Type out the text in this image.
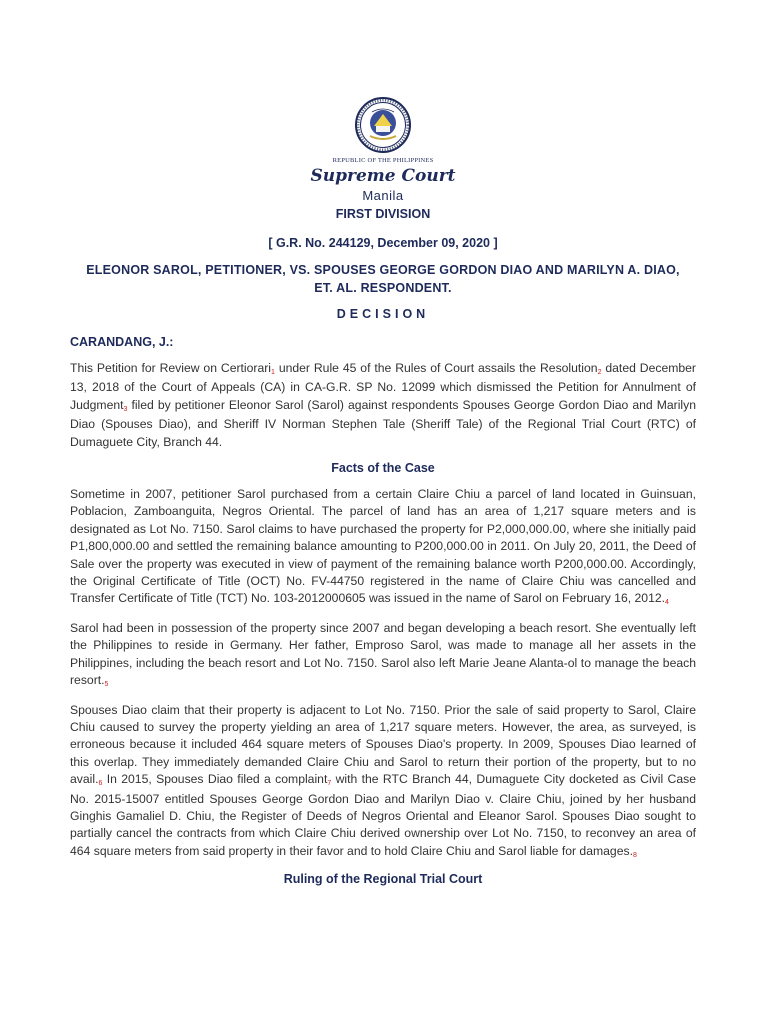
REPUBLIC OF THE PHILIPPINES
Supreme Court
Manila
FIRST DIVISION
[ G.R. No. 244129, December 09, 2020 ]
ELEONOR SAROL, PETITIONER, VS. SPOUSES GEORGE GORDON DIAO AND MARILYN A. DIAO,
ET. AL. RESPONDENT.
DECISION
CARANDANG, J.:

This Petition for Review on Certiorari$^1$ under Rule 45 of the Rules of Court assails the Resolution$^2$ dated December 13, 2018 of the Court of Appeals (CA) in CA-G.R. SP No. 12099 which dismissed the Petition for Annulment of Judgment$^3$ filed by petitioner Eleonor Sarol (Sarol) against respondents Spouses George Gordon Diao and Marilyn Diao (Spouses Diao), and Sheriff IV Norman Stephen Tale (Sheriff Tale) of the Regional Trial Court (RTC) of Dumaguete City, Branch 44.

Facts of the Case

Sometime in 2007, petitioner Sarol purchased from a certain Claire Chiu a parcel of land located in Guinsuan, Poblacion, Zamboanguita, Negros Oriental. The parcel of land has an area of 1,217 square meters and is designated as Lot No. 7150. Sarol claims to have purchased the property for P2,000,000.00, where she initially paid P1,800,000.00 and settled the remaining balance amounting to P200,000.00 in 2011. On July 20, 2011, the Deed of Sale over the property was executed in view of payment of the remaining balance worth P200,000.00. Accordingly, the Original Certificate of Title (OCT) No. FV-44750 registered in the name of Claire Chiu was cancelled and Transfer Certificate of Title (TCT) No. 103-2012000605 was issued in the name of Sarol on February 16, 2012.$^4$

Sarol had been in possession of the property since 2007 and began developing a beach resort. She eventually left the Philippines to reside in Germany. Her father, Emproso Sarol, was made to manage all her assets in the Philippines, including the beach resort and Lot No. 7150. Sarol also left Marie Jeane Alanta-ol to manage the beach resort.$^5$

Spouses Diao claim that their property is adjacent to Lot No. 7150. Prior the sale of said property to Sarol, Claire Chiu caused to survey the property yielding an area of 1,217 square meters. However, the area, as surveyed, is erroneous because it included 464 square meters of Spouses Diao's property. In 2009, Spouses Diao learned of this overlap. They immediately demanded Claire Chiu and Sarol to return their portion of the property, but to no avail.$^6$ In 2015, Spouses Diao filed a complaint$^7$ with the RTC Branch 44, Dumaguete City docketed as Civil Case No. 2015-15007 entitled Spouses George Gordon Diao and Marilyn Diao v. Claire Chiu, joined by her husband Ginghis Gamaliel D. Chiu, the Register of Deeds of Negros Oriental and Eleanor Sarol. Spouses Diao sought to partially cancel the contracts from which Claire Chiu derived ownership over Lot No. 7150, to reconvey an area of 464 square meters from said property in their favor and to hold Claire Chiu and Sarol liable for damages.$^8$

Ruling of the Regional Trial Court
